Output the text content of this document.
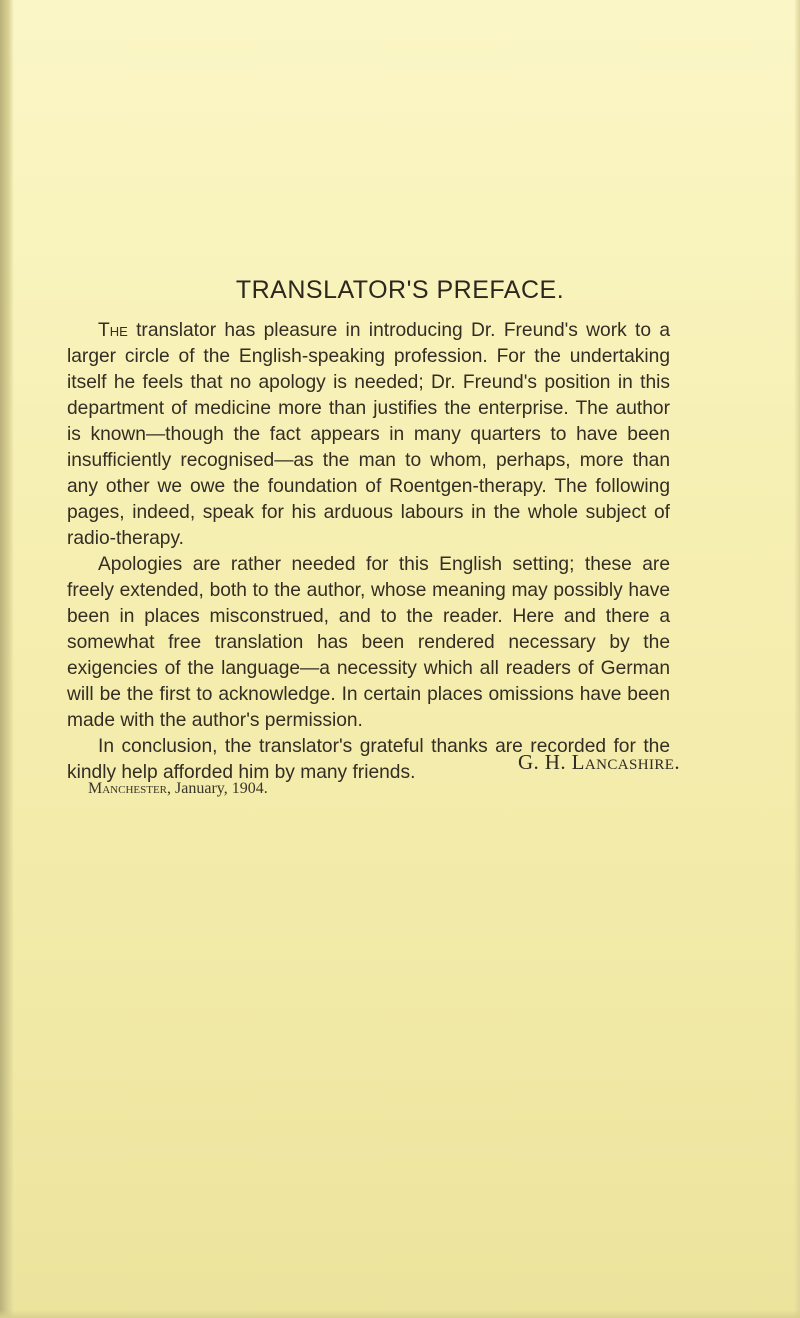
TRANSLATOR'S PREFACE.

The translator has pleasure in introducing Dr. Freund's work to a larger circle of the English-speaking profession. For the undertaking itself he feels that no apology is needed; Dr. Freund's position in this department of medicine more than justifies the enterprise. The author is known—though the fact appears in many quarters to have been insufficiently recognised—as the man to whom, perhaps, more than any other we owe the foundation of Roentgen-therapy. The following pages, indeed, speak for his arduous labours in the whole subject of radio-therapy.

Apologies are rather needed for this English setting; these are freely extended, both to the author, whose meaning may possibly have been in places misconstrued, and to the reader. Here and there a somewhat free translation has been rendered necessary by the exigencies of the language—a necessity which all readers of German will be the first to acknowledge. In certain places omissions have been made with the author's permission.

In conclusion, the translator's grateful thanks are recorded for the kindly help afforded him by many friends.	G. H. Lancashire.
Manchester, January, 1904.
